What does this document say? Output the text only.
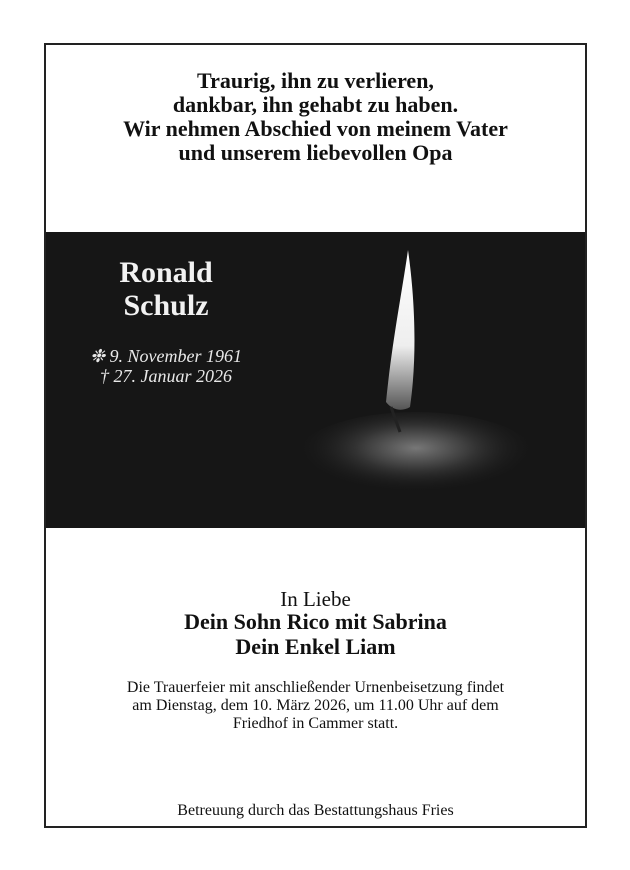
Traurig, ihn zu verlieren,
dankbar, ihn gehabt zu haben.
Wir nehmen Abschied von meinem Vater
und unserem liebevollen Opa
Ronald
Schulz
❉ 9. November 1961
† 27. Januar 2026
In Liebe
Dein Sohn Rico mit Sabrina
Dein Enkel Liam
Die Trauerfeier mit anschließender Urnenbeisetzung findet
am Dienstag, dem 10. März 2026, um 11.00 Uhr auf dem
Friedhof in Cammer statt.
Betreuung durch das Bestattungshaus Fries
